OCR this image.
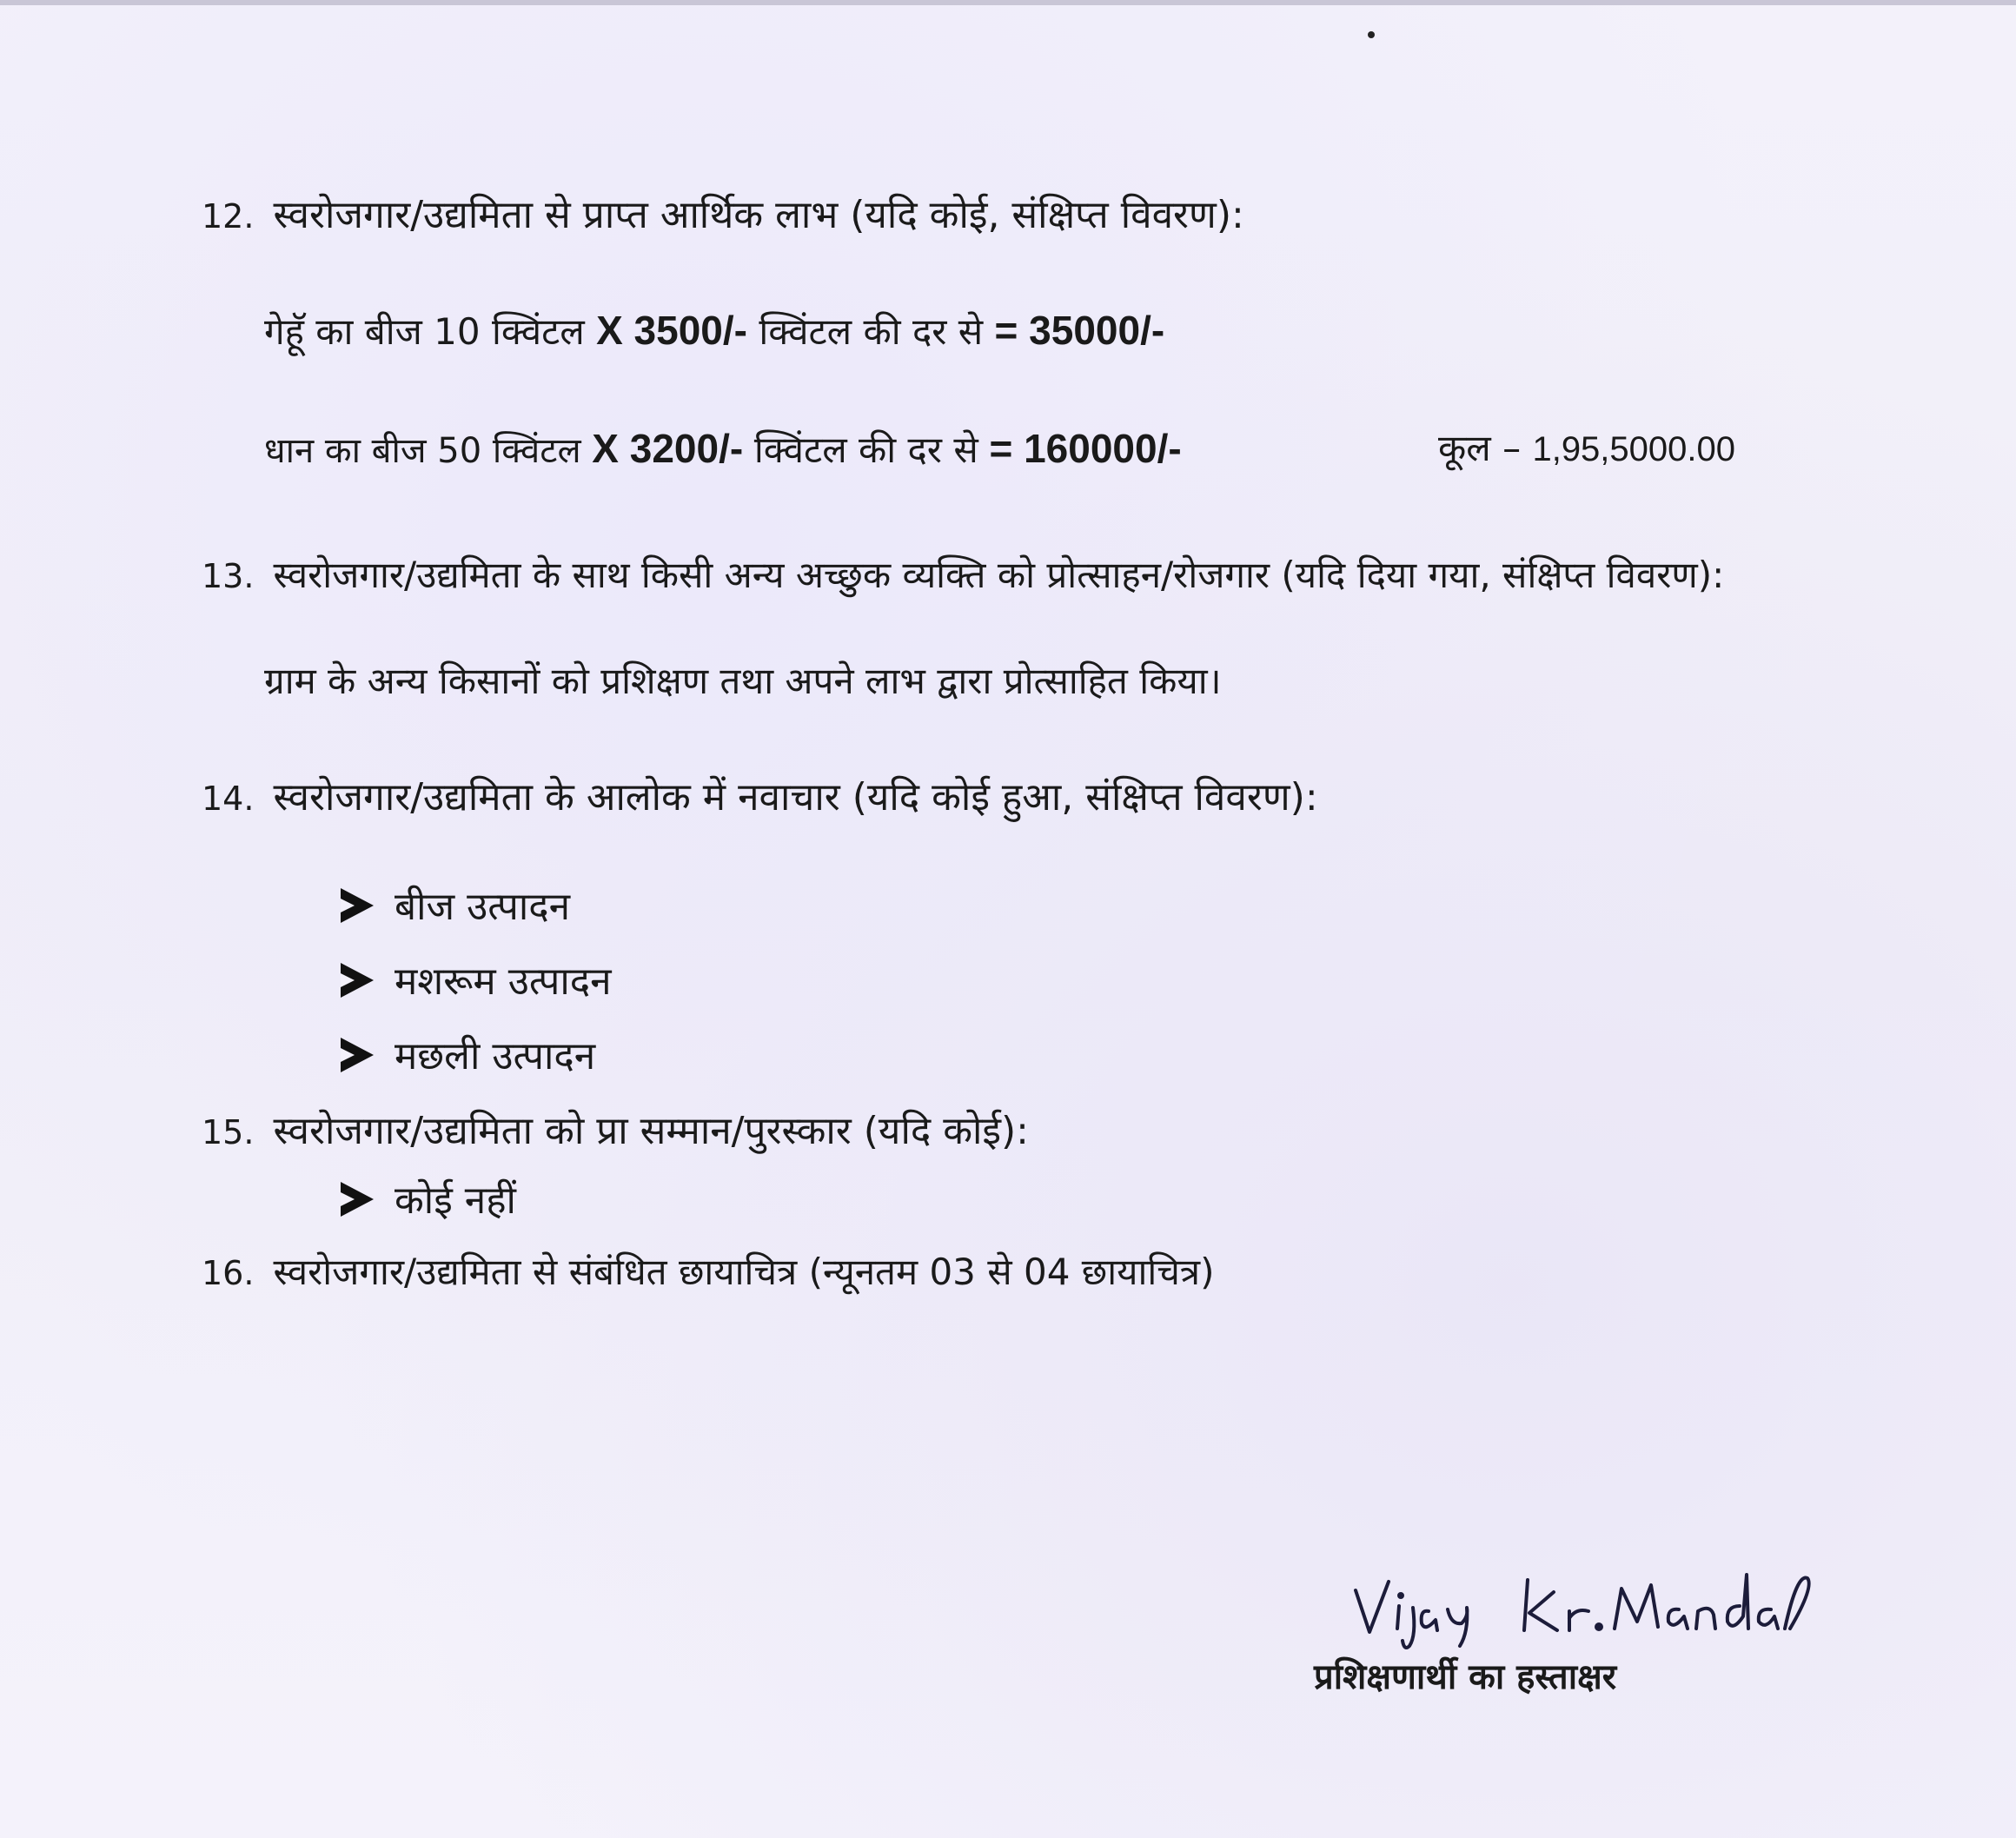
12. स्वरोजगार/उद्यमिता से प्राप्त आर्थिक लाभ (यदि कोई, संक्षिप्त विवरण):
गेहूॅ का बीज 10 क्विंटल X 3500/- क्विंटल की दर से = 35000/-
धान का बीज 50 क्विंटल X 3200/- क्विंटल की दर से = 160000/-	कूल – 1,95,5000.00
13. स्वरोजगार/उद्यमिता के साथ किसी अन्य अच्छुक व्यक्ति को प्रोत्साहन/रोजगार (यदि दिया गया, संक्षिप्त विवरण):
ग्राम के अन्य किसानों को प्रशिक्षण तथा अपने लाभ द्वारा प्रोत्साहित किया।
14. स्वरोजगार/उद्यमिता के आलोक में नवाचार (यदि कोई हुआ, संक्षिप्त विवरण):
बीज उत्पादन
मशरूम उत्पादन
मछली उत्पादन
15. स्वरोजगार/उद्यमिता को प्रा‍ सम्मान/पुरस्कार (यदि कोई):
कोई नहीं
16. स्वरोजगार/उद्यमिता से संबंधित छायाचित्र (न्यूनतम 03 से 04 छायाचित्र)
प्रशिक्षणार्थी का हस्ताक्षर
